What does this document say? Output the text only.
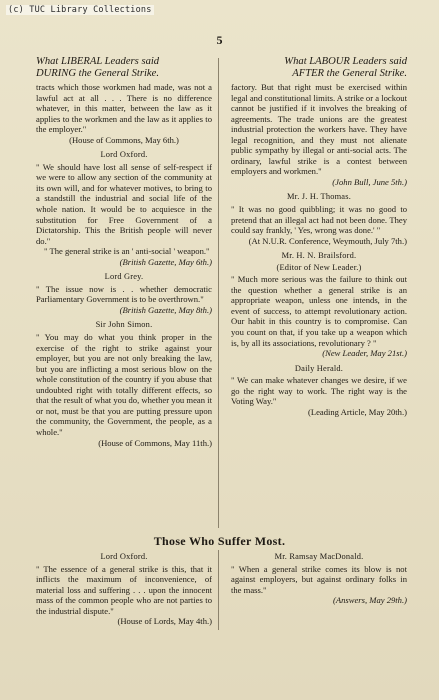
(c) TUC Library Collections
5
What LIBERAL Leaders said
DURING the General Strike.

tracts which those workmen had made, was not a lawful act at all . . . There is no difference whatever, in this matter, between the law as it applies to the workmen and the law as it applies to the employer."

(House of Commons, May 6th.)

Lord Oxford.

" We should have lost all sense of self-respect if we were to allow any section of the community at its own will, and for whatever motives, to bring to a standstill the industrial and social life of the whole nation. It would be to acquiesce in the substitution for Free Government of a Dictatorship. This the British people will never do."

" The general strike is an ' anti-social ' weapon."

(British Gazette, May 6th.)

Lord Grey.

" The issue now is . . whether democratic Parliamentary Government is to be overthrown."

(British Gazette, May 8th.)

Sir John Simon.

" You may do what you think proper in the exercise of the right to strike against your employer, but you are not only breaking the law, but you are inflicting a most serious blow on the whole constitution of the country if you abuse that undoubted right with totally different effects, so that the result of what you do, whether you mean it or not, must be that you are putting pressure upon the community, the Government, the people, as a whole."

(House of Commons, May 11th.)

What LABOUR Leaders said
AFTER the General Strike.

factory. But that right must be exercised within legal and constitutional limits. A strike or a lockout cannot be justified if it involves the breaking of agreements. The trade unions are the greatest industrial protection the workers have. They have legal recognition, and they must not alienate public sympathy by illegal or anti-social acts. The ordinary, lawful strike is a contest between employers and workmen."

(John Bull, June 5th.)

Mr. J. H. Thomas.

" It was no good quibbling; it was no good to pretend that an illegal act had not been done. They could say frankly, ' Yes, wrong was done.' "

(At N.U.R. Conference, Weymouth, July 7th.)

Mr. H. N. Brailsford.
(Editor of New Leader.)

" Much more serious was the failure to think out the question whether a general strike is an appropriate weapon, unless one intends, in the event of success, to attempt revolutionary action. Our habit in this country is to compromise. Can you count on that, if you take up a weapon which is, by all its associations, revolutionary ? "

(New Leader, May 21st.)

Daily Herald.

" We can make whatever changes we desire, if we go the right way to work. The right way is the Voting Way."

(Leading Article, May 20th.)

Those Who Suffer Most.
Lord Oxford.

" The essence of a general strike is this, that it inflicts the maximum of inconvenience, of material loss and suffering . . . upon the innocent mass of the common people who are not parties to the industrial dispute."

(House of Lords, May 4th.)

Mr. Ramsay MacDonald.

" When a general strike comes its blow is not against employers, but against ordinary folks in the mass."

(Answers, May 29th.)
